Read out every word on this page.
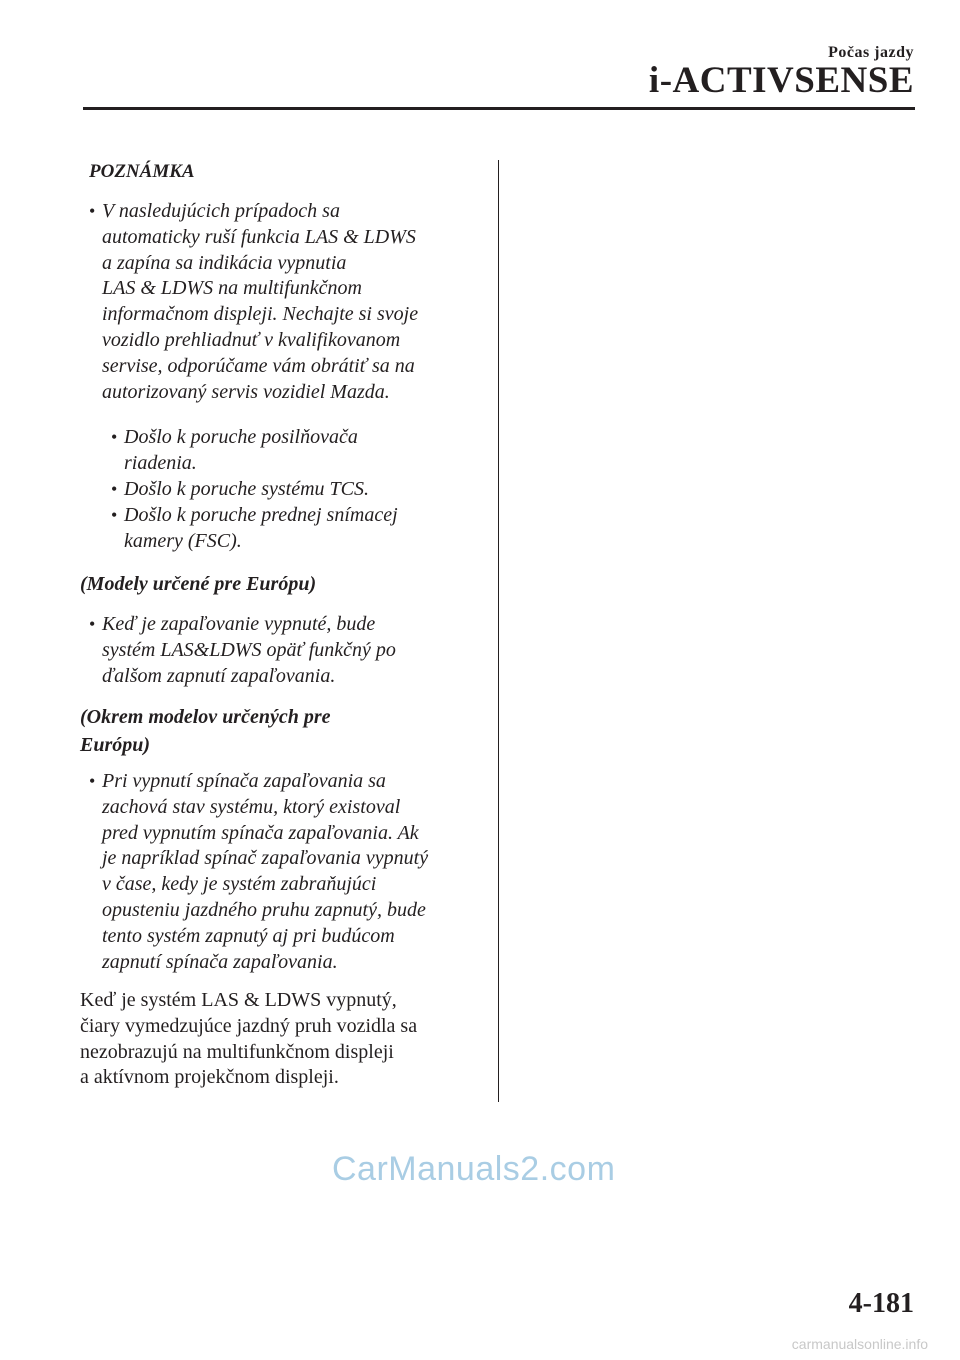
Počas jazdy
i-ACTIVSENSE

POZNÁMKA

• V nasledujúcich prípadoch sa
automaticky ruší funkcia LAS & LDWS
a zapína sa indikácia vypnutia
LAS & LDWS na multifunkčnom
informačnom displeji. Nechajte si svoje
vozidlo prehliadnuť v kvalifikovanom
servise, odporúčame vám obrátiť sa na
autorizovaný servis vozidiel Mazda.
• Došlo k poruche posilňovača
riadenia.
• Došlo k poruche systému TCS.
• Došlo k poruche prednej snímacej
kamery (FSC).

(Modely určené pre Európu)

• Keď je zapaľovanie vypnuté, bude
systém LAS&LDWS opäť funkčný po
ďalšom zapnutí zapaľovania.
(Okrem modelov určených pre
Európu)
• Pri vypnutí spínača zapaľovania sa
zachová stav systému, ktorý existoval
pred vypnutím spínača zapaľovania. Ak
je napríklad spínač zapaľovania vypnutý
v čase, kedy je systém zabraňujúci
opusteniu jazdného pruhu zapnutý, bude
tento systém zapnutý aj pri budúcom
zapnutí spínača zapaľovania.
Keď je systém LAS & LDWS vypnutý,
čiary vymedzujúce jazdný pruh vozidla sa
nezobrazujú na multifunkčnom displeji
a aktívnom projekčnom displeji.
CarManuals2.com
4-181
carmanualsonline.info
